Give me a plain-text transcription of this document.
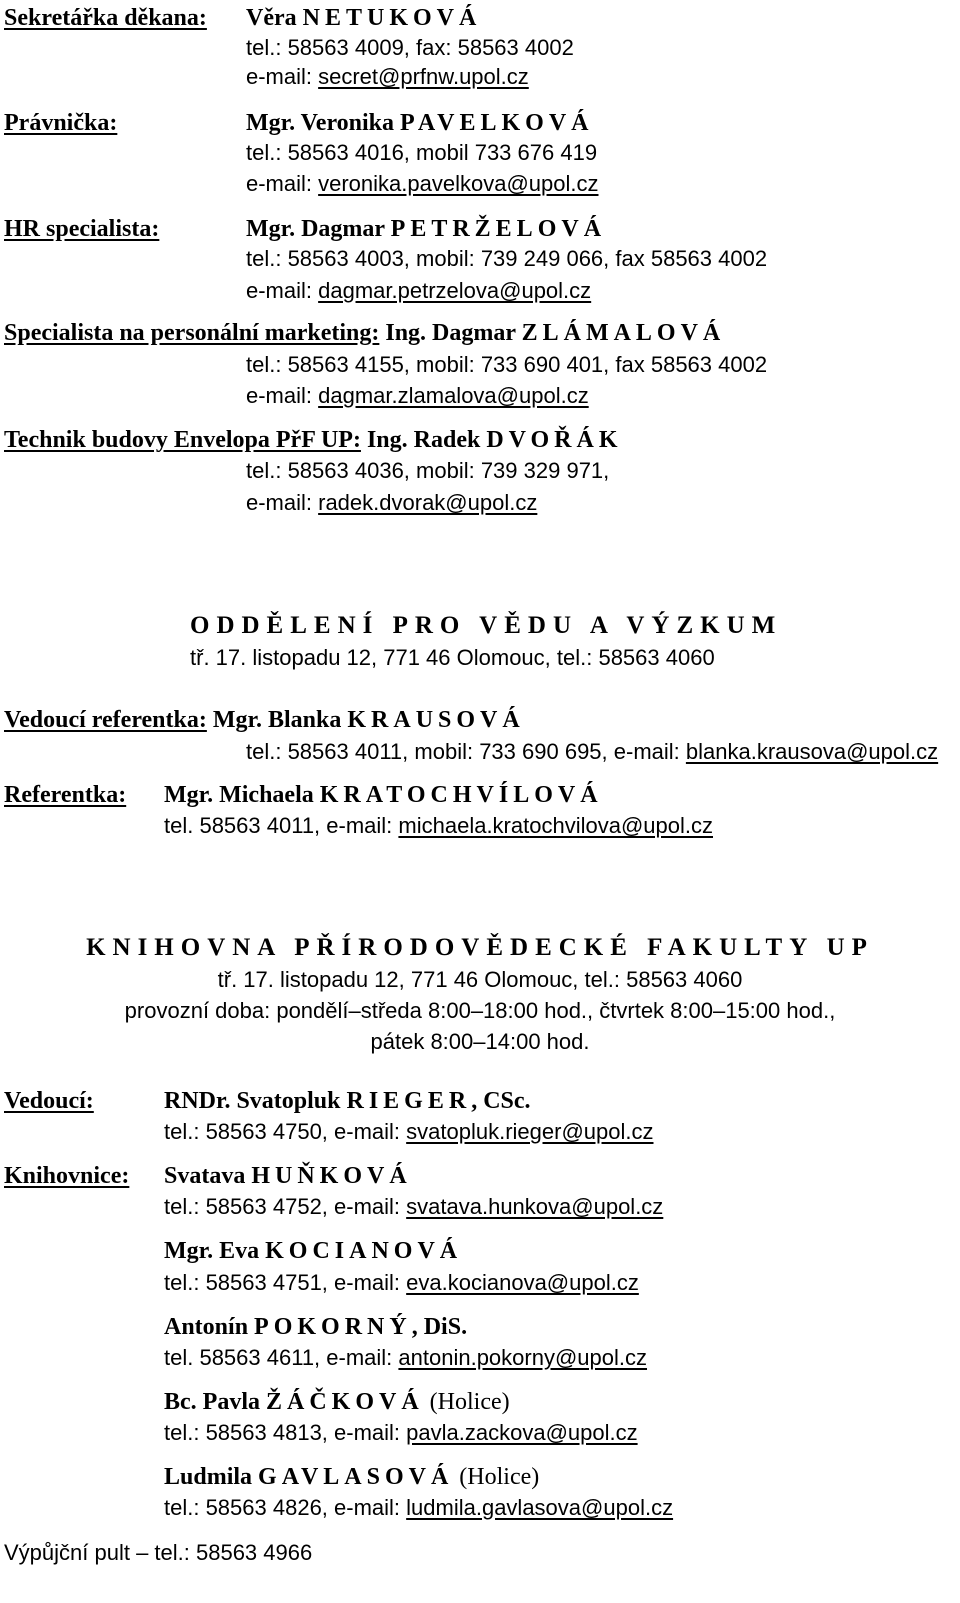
Sekretářka děkana: Věra NETUKOVÁ
tel.: 58563 4009, fax: 58563 4002
e-mail: secret@prfnw.upol.cz
Právnička:	Mgr. Veronika PAVELKOVÁ
tel.: 58563 4016, mobil 733 676 419
e-mail: veronika.pavelkova@upol.cz
HR specialista:	Mgr. Dagmar PETRŽELOVÁ
tel.: 58563 4003, mobil: 739 249 066, fax 58563 4002
e-mail: dagmar.petrzelova@upol.cz
Specialista na personální marketing: Ing. Dagmar ZLÁMALOVÁ
tel.: 58563 4155, mobil: 733 690 401, fax 58563 4002
e-mail: dagmar.zlamalova@upol.cz
Technik budovy Envelopa PřF UP: Ing. Radek DVOŘÁK
tel.: 58563 4036, mobil: 739 329 971,
e-mail: radek.dvorak@upol.cz
ODDĚLENÍ PRO VĚDU A VÝZKUM
tř. 17. listopadu 12, 771 46 Olomouc, tel.: 58563 4060
Vedoucí referentka: Mgr. Blanka KRAUSOVÁ
tel.: 58563 4011, mobil: 733 690 695, e-mail: blanka.krausova@upol.cz
Referentka: Mgr. Michaela KRATOCHVÍLOVÁ
tel. 58563 4011, e-mail: michaela.kratochvilova@upol.cz
KNIHOVNA PŘÍRODOVĚDECKÉ FAKULTY UP
tř. 17. listopadu 12, 771 46 Olomouc, tel.: 58563 4060
provozní doba: pondělí–středa 8:00–18:00 hod., čtvrtek 8:00–15:00 hod.,
pátek 8:00–14:00 hod.
Vedoucí:
Knihovnice:
RNDr. Svatopluk RIEGER, CSc.
tel.: 58563 4750, e-mail: svatopluk.rieger@upol.cz
Svatava HUŇKOVÁ
tel.: 58563 4752, e-mail: svatava.hunkova@upol.cz
Mgr. Eva KOCIANOVÁ
tel.: 58563 4751, e-mail: eva.kocianova@upol.cz
Antonín POKORNÝ, DiS.
tel. 58563 4611, e-mail: antonin.pokorny@upol.cz
Bc. Pavla ŽÁČKOVÁ (Holice)
tel.: 58563 4813, e-mail: pavla.zackova@upol.cz
Ludmila GAVLASOVÁ (Holice)
tel.: 58563 4826, e-mail: ludmila.gavlasova@upol.cz
Výpůjční pult – tel.: 58563 4966
